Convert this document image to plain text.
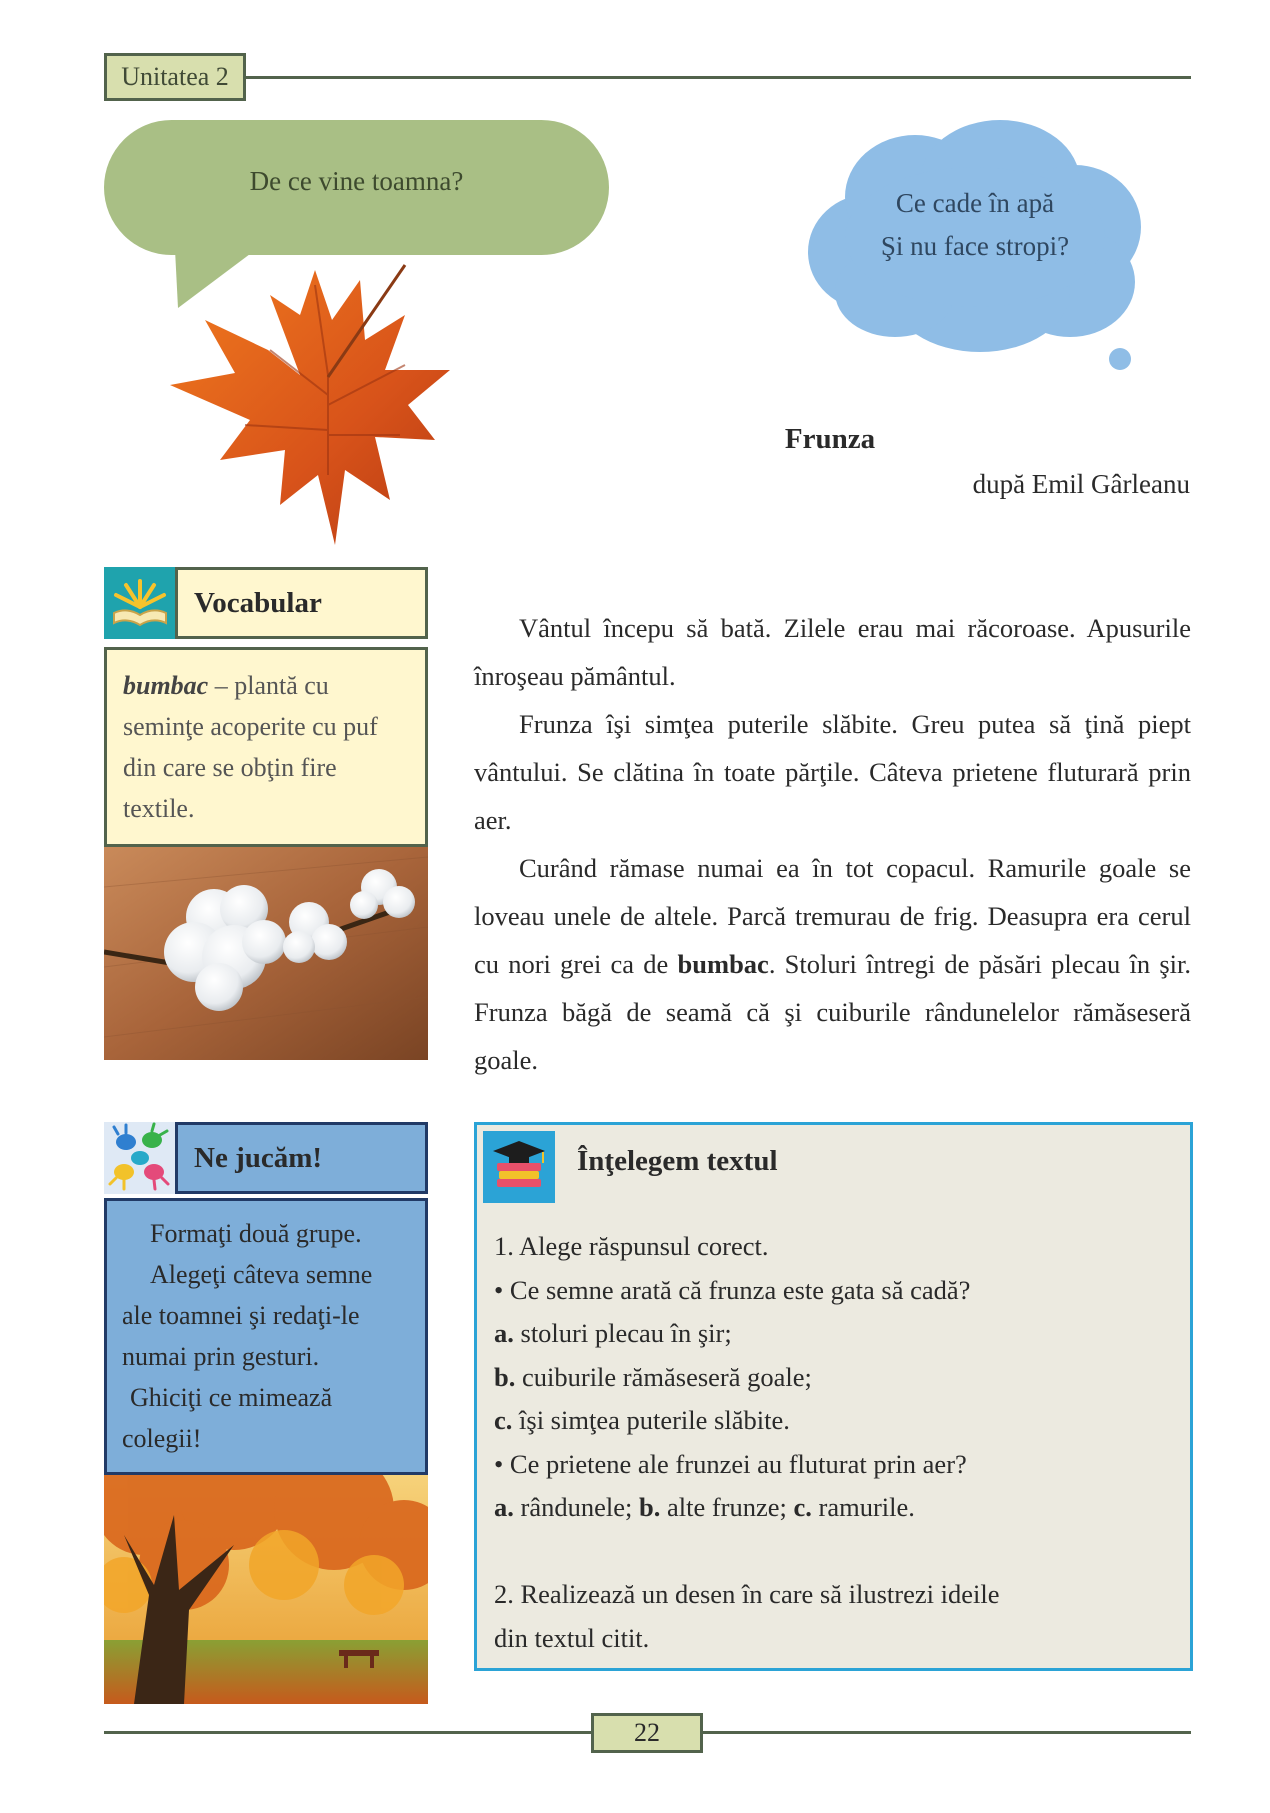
Unitatea 2
De ce vine toamna?
Ce cade în apă
Şi nu face stropi?
Frunza
după Emil Gârleanu
Vocabular
bumbac – plantă cu seminţe acoperite cu puf din care se obţin fire textile.

Vântul începu să bată. Zilele erau mai răcoroase. Apusurile înroşeau pământul.

Frunza îşi simţea puterile slăbite. Greu putea să ţină piept vântului. Se clătina în toate părţile. Câteva prietene fluturară prin aer.

Curând rămase numai ea în tot copacul. Ramurile goale se loveau unele de altele. Parcă tremurau de frig. Deasupra era cerul cu nori grei ca de bumbac. Stoluri întregi de păsări plecau în şir. Frunza băgă de seamă că şi cuiburile rândunelelor rămăseseră goale.

Ne jucăm!
Formaţi două grupe.
Alegeţi câteva semne
ale toamnei şi redaţi-le
numai prin gesturi.
Ghiciţi ce mimează
colegii!
Înţelegem textul
1. Alege răspunsul corect.
• Ce semne arată că frunza este gata să cadă?
a. stoluri plecau în şir;
b. cuiburile rămăseseră goale;
c. îşi simţea puterile slăbite.
• Ce prietene ale frunzei au fluturat prin aer?
a. rândunele; b. alte frunze; c. ramurile.
2. Realizează un desen în care să ilustrezi ideile
din textul citit.
22
